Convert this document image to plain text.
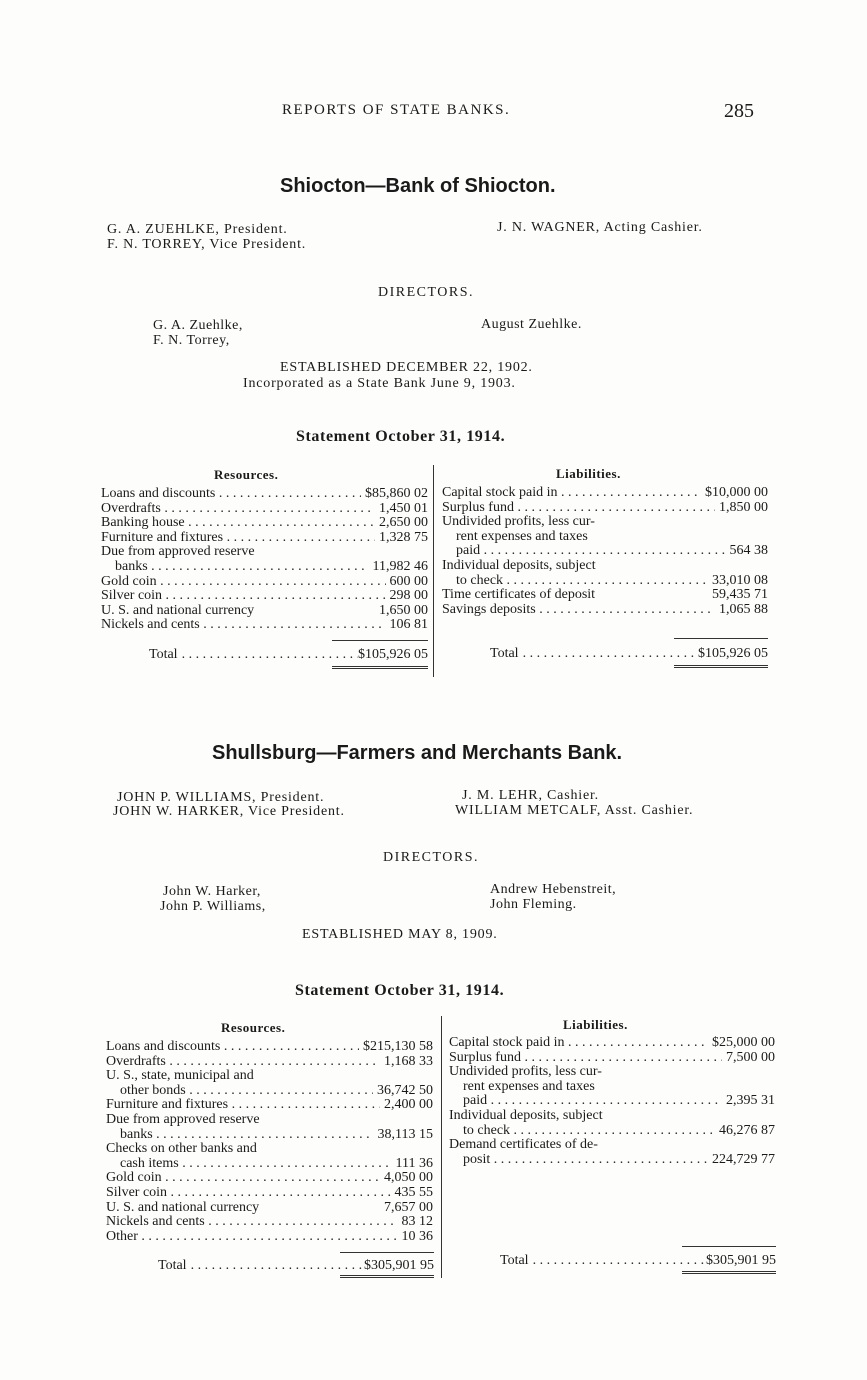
REPORTS OF STATE BANKS.	285
Shiocton—Bank of Shiocton.
G. A. ZUEHLKE, President.
F. N. TORREY, Vice President.
J. N. WAGNER, Acting Cashier.
DIRECTORS.
G. A. Zuehlke,
F. N. Torrey,
August Zuehlke.
ESTABLISHED DECEMBER 22, 1902.
Incorporated as a State Bank June 9, 1903.
Statement October 31, 1914.
Resources.	Liabilities.
Loans and discounts . . .	$85,860 02
Overdrafts . . .	1,450 01
Banking house . . .	2,650 00
Furniture and fixtures . . .	1,328 75
Due from approved reserve
banks . . .	11,982 46
Gold coin . . .	600 00
Silver coin . . .	298 00
U. S. and national currency	1,650 00
Nickels and cents . . .	106 81
Capital stock paid in . . .	$10,000 00
Surplus fund . . .	1,850 00
Undivided profits, less cur-
rent expenses and taxes
paid . . .	564 38
Individual deposits, subject
to check . . .	33,010 08
Time certificates of deposit	59,435 71
Savings deposits . . .	1,065 88
Total . . .	$105,926 05	Total . . .	$105,926 05
Shullsburg—Farmers and Merchants Bank.
JOHN P. WILLIAMS, President.
JOHN W. HARKER, Vice President.
J. M. LEHR, Cashier.
WILLIAM METCALF, Asst. Cashier.
DIRECTORS.
John W. Harker,
John P. Williams,
Andrew Hebenstreit,
John Fleming.
ESTABLISHED MAY 8, 1909.
Statement October 31, 1914.
Resources.	Liabilities.
Loans and discounts . . .	$215,130 58
Overdrafts . . .	1,168 33
U. S., state, municipal and
other bonds . . .	36,742 50
Furniture and fixtures . . .	2,400 00
Due from approved reserve
banks . . .	38,113 15
Checks on other banks and
cash items . . .	111 36
Gold coin . . .	4,050 00
Silver coin . . .	435 55
U. S. and national currency	7,657 00
Nickels and cents . . .	83 12
Other . . .	10 36
Capital stock paid in . . .	$25,000 00
Surplus fund . . .	7,500 00
Undivided profits, less cur-
rent expenses and taxes
paid . . .	2,395 31
Individual deposits, subject
to check . . .	46,276 87
Demand certificates of de-
posit . . .	224,729 77
Total . . .	$305,901 95	Total . . .	$305,901 95
